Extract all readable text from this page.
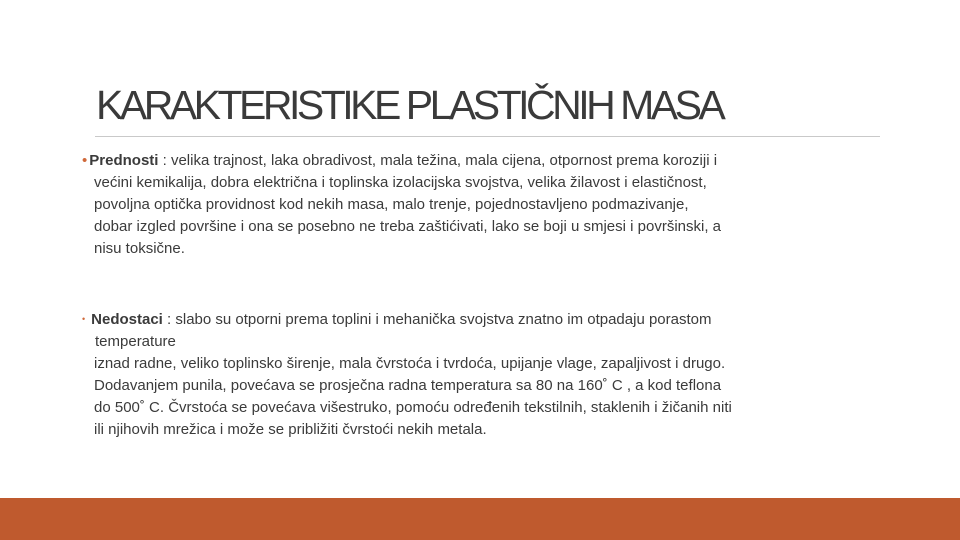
KARAKTERISTIKE PLASTIČNIH MASA
• Prednosti : velika trajnost, laka obradivost, mala težina, mala cijena, otpornost prema koroziji i
većini kemikalija, dobra električna i toplinska izolacijska svojstva, velika žilavost i elastičnost,
povoljna optička providnost kod nekih masa, malo trenje, pojednostavljeno podmazivanje,
dobar izgled površine i ona se posebno ne treba zaštićivati, lako se boji u smjesi i površinski, a
nisu toksične.
• Nedostaci : slabo su otporni prema toplini i mehanička svojstva znatno im otpadaju porastom
temperature
iznad radne, veliko toplinsko širenje, mala čvrstoća i tvrdoća, upijanje vlage, zapaljivost i drugo.
Dodavanjem punila, povećava se prosječna radna temperatura sa 80 na 160˚ C , a kod teflona
do 500˚ C. Čvrstoća se povećava višestruko, pomoću određenih tekstilnih, staklenih i žičanih niti
ili njihovih mrežica i može se približiti čvrstoći nekih metala.
